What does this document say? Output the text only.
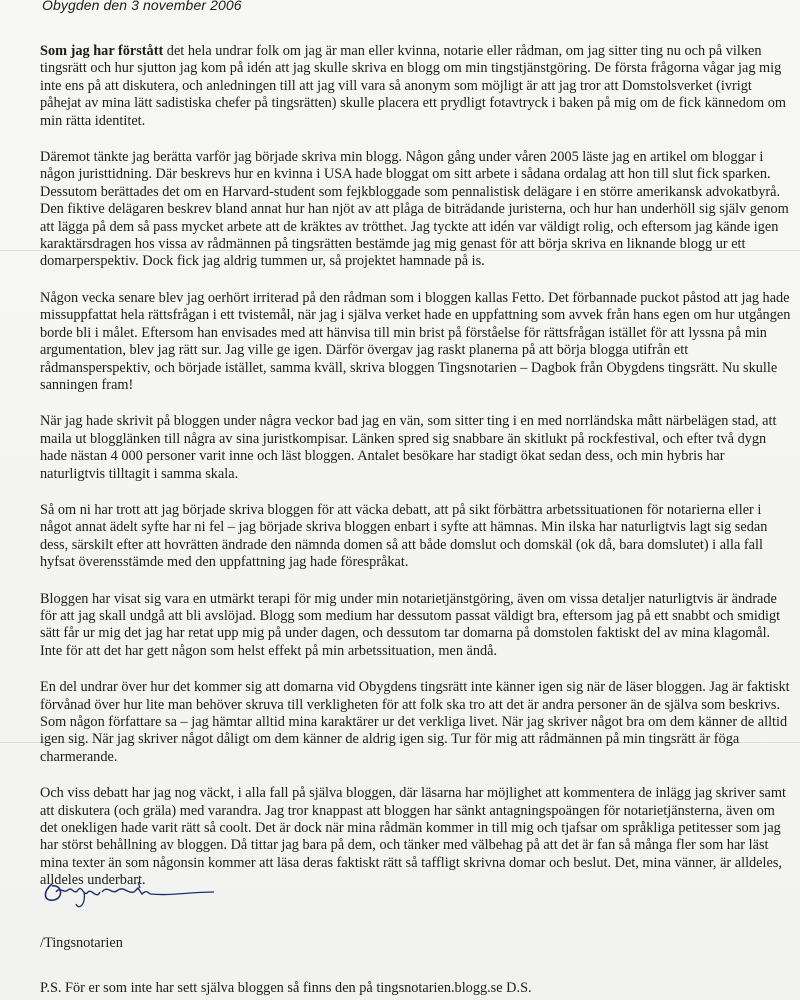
Obygden den 3 november 2006

Som jag har förstått det hela undrar folk om jag är man eller kvinna, notarie eller rådman, om jag sitter ting nu och på vilken tingsrätt och hur sjutton jag kom på idén att jag skulle skriva en blogg om min tingstjänstgöring. De första frågorna vågar jag mig inte ens på att diskutera, och anledningen till att jag vill vara så anonym som möjligt är att jag tror att Domstolsverket (ivrigt påhejat av mina lätt sadistiska chefer på tingsrätten) skulle placera ett prydligt fotavtryck i baken på mig om de fick kännedom om min rätta identitet.

Däremot tänkte jag berätta varför jag började skriva min blogg. Någon gång under våren 2005 läste jag en artikel om bloggar i någon juristtidning. Där beskrevs hur en kvinna i USA hade bloggat om sitt arbete i sådana ordalag att hon till slut fick sparken. Dessutom berättades det om en Harvard-student som fejkbloggade som pennalistisk delägare i en större amerikansk advokatbyrå. Den fiktive delägaren beskrev bland annat hur han njöt av att plåga de biträdande juristerna, och hur han underhöll sig själv genom att lägga på dem så pass mycket arbete att de kräktes av trötthet. Jag tyckte att idén var väldigt rolig, och eftersom jag kände igen karaktärsdragen hos vissa av rådmännen på tingsrätten bestämde jag mig genast för att börja skriva en liknande blogg ur ett domarperspektiv. Dock fick jag aldrig tummen ur, så projektet hamnade på is.

Någon vecka senare blev jag oerhört irriterad på den rådman som i bloggen kallas Fetto. Det förbannade puckot påstod att jag hade missuppfattat hela rättsfrågan i ett tvistemål, när jag i själva verket hade en uppfattning som avvek från hans egen om hur utgången borde bli i målet. Eftersom han envisades med att hänvisa till min brist på förståelse för rättsfrågan istället för att lyssna på min argumentation, blev jag rätt sur. Jag ville ge igen. Därför övergav jag raskt planerna på att börja blogga utifrån ett rådmansperspektiv, och började istället, samma kväll, skriva bloggen Tingsnotarien – Dagbok från Obygdens tingsrätt. Nu skulle sanningen fram!

När jag hade skrivit på bloggen under några veckor bad jag en vän, som sitter ting i en med norrländska mått närbelägen stad, att maila ut blogglänken till några av sina juristkompisar. Länken spred sig snabbare än skitlukt på rockfestival, och efter två dygn hade nästan 4 000 personer varit inne och läst bloggen. Antalet besökare har stadigt ökat sedan dess, och min hybris har naturligtvis tilltagit i samma skala.

Så om ni har trott att jag började skriva bloggen för att väcka debatt, att på sikt förbättra arbetssituationen för notarierna eller i något annat ädelt syfte har ni fel – jag började skriva bloggen enbart i syfte att hämnas. Min ilska har naturligtvis lagt sig sedan dess, särskilt efter att hovrätten ändrade den nämnda domen så att både domslut och domskäl (ok då, bara domslutet) i alla fall hyfsat överensstämde med den uppfattning jag hade förespråkat.

Bloggen har visat sig vara en utmärkt terapi för mig under min notarietjänstgöring, även om vissa detaljer naturligtvis är ändrade för att jag skall undgå att bli avslöjad. Blogg som medium har dessutom passat väldigt bra, eftersom jag på ett snabbt och smidigt sätt får ur mig det jag har retat upp mig på under dagen, och dessutom tar domarna på domstolen faktiskt del av mina klagomål. Inte för att det har gett någon som helst effekt på min arbetssituation, men ändå.

En del undrar över hur det kommer sig att domarna vid Obygdens tingsrätt inte känner igen sig när de läser bloggen. Jag är faktiskt förvånad över hur lite man behöver skruva till verkligheten för att folk ska tro att det är andra personer än de själva som beskrivs. Som någon författare sa – jag hämtar alltid mina karaktärer ur det verkliga livet. När jag skriver något bra om dem känner de alltid igen sig. När jag skriver något dåligt om dem känner de aldrig igen sig. Tur för mig att rådmännen på min tingsrätt är föga charmerande.

Och viss debatt har jag nog väckt, i alla fall på själva bloggen, där läsarna har möjlighet att kommentera de inlägg jag skriver samt att diskutera (och gräla) med varandra. Jag tror knappast att bloggen har sänkt antagningspoängen för notarietjänsterna, även om det onekligen hade varit rätt så coolt. Det är dock när mina rådmän kommer in till mig och tjafsar om språkliga petitesser som jag har störst behållning av bloggen. Då tittar jag bara på dem, och tänker med välbehag på att det är fan så många fler som har läst mina texter än som någonsin kommer att läsa deras faktiskt rätt så taffligt skrivna domar och beslut. Det, mina vänner, är alldeles, alldeles underbart.

/Tingsnotarien
P.S. För er som inte har sett själva bloggen så finns den på tingsnotarien.blogg.se D.S.
